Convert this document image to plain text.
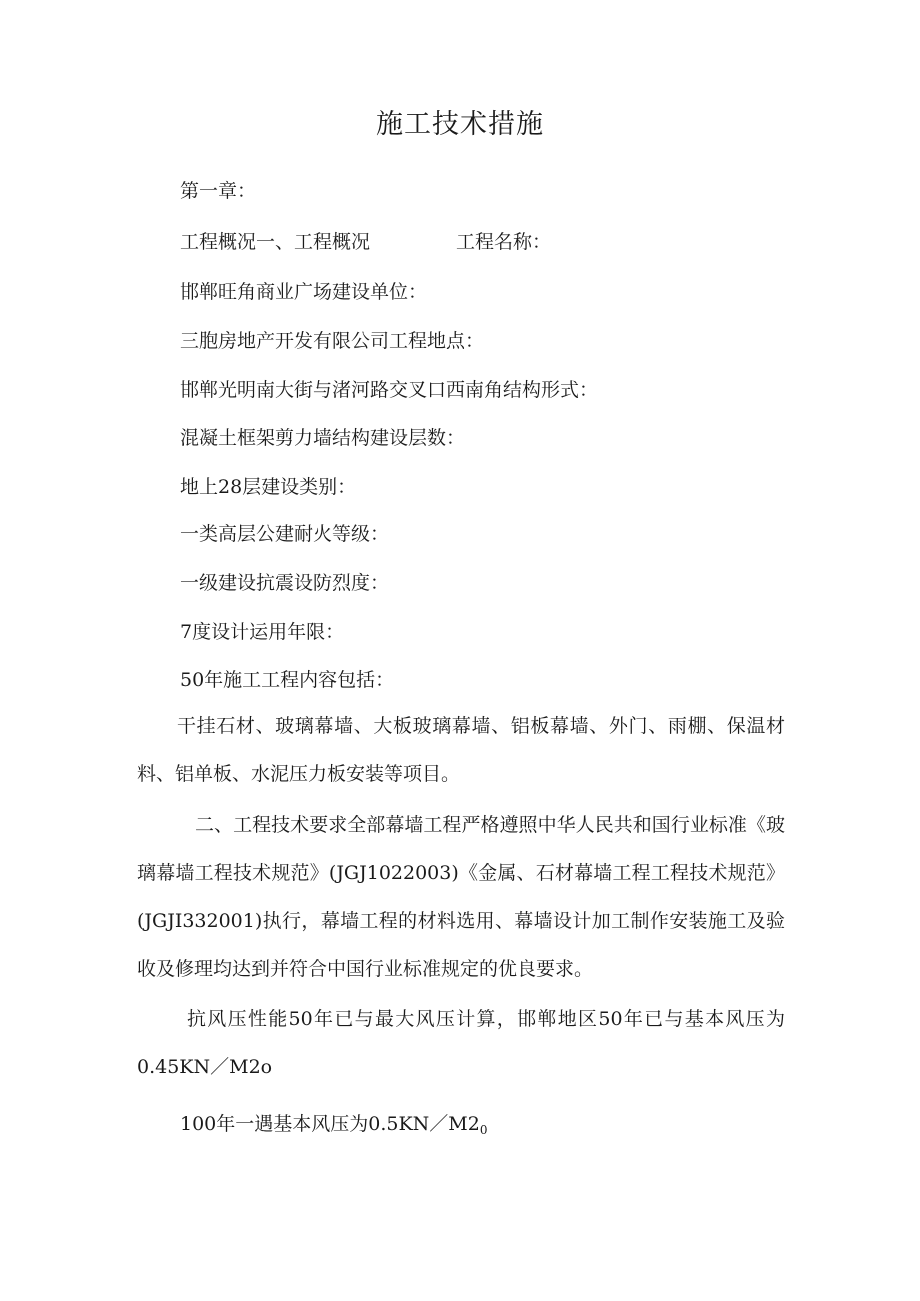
施工技术措施

第一章：

工程概况一、工程概况	工程名称：

邯郸旺角商业广场建设单位：

三胞房地产开发有限公司工程地点：

邯郸光明南大街与渚河路交叉口西南角结构形式：

混凝土框架剪力墙结构建设层数：

地上28层建设类别：

一类高层公建耐火等级：

一级建设抗震设防烈度：

7度设计运用年限：

50年施工工程内容包括：

干挂石材、玻璃幕墙、大板玻璃幕墙、铝板幕墙、外门、雨棚、保温材料、铝单板、水泥压力板安装等项目。

二、工程技术要求全部幕墙工程严格遵照中华人民共和国行业标准《玻璃幕墙工程技术规范》(JGJ1022003)《金属、石材幕墙工程工程技术规范》(JGJI332001)执行，幕墙工程的材料选用、幕墙设计加工制作安装施工及验收及修理均达到并符合中国行业标准规定的优良要求。

抗风压性能50年已与最大风压计算，邯郸地区50年已与基本风压为0.45KN／M2o

100年一遇基本风压为$0.5KN/M2_0$
